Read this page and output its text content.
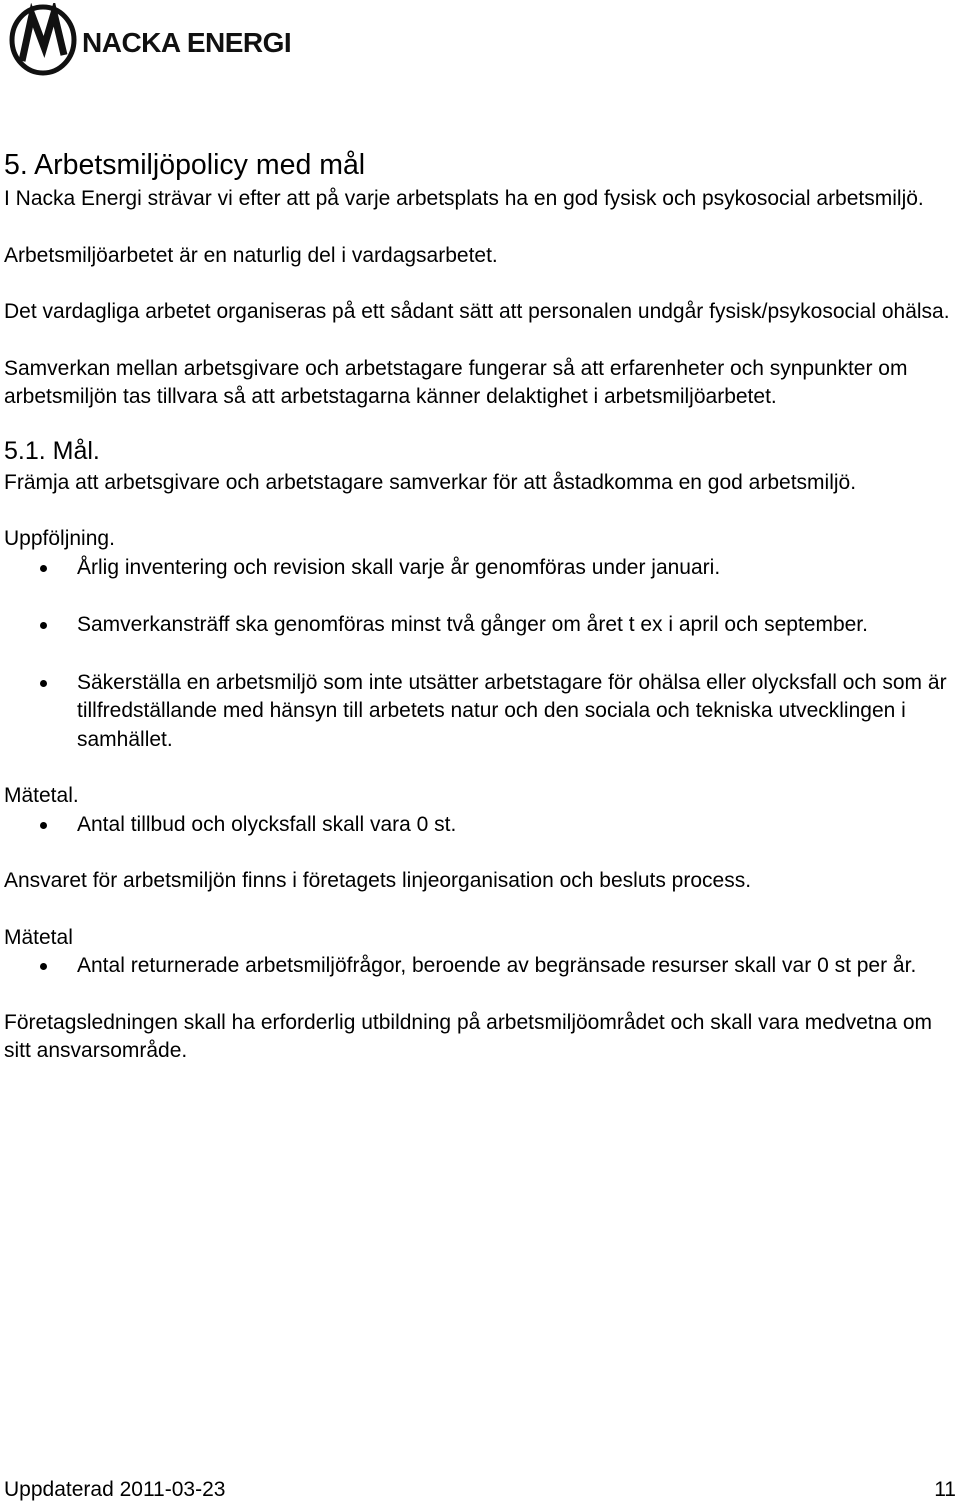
NACKA ENERGI
5. Arbetsmiljöpolicy med mål

I Nacka Energi strävar vi efter att på varje arbetsplats ha en god fysisk och psykosocial arbetsmiljö.

Arbetsmiljöarbetet är en naturlig del i vardagsarbetet.

Det vardagliga arbetet organiseras på ett sådant sätt att personalen undgår fysisk/psykosocial ohälsa.

Samverkan mellan arbetsgivare och arbetstagare fungerar så att erfarenheter och synpunkter om arbetsmiljön tas tillvara så att arbetstagarna känner delaktighet i arbetsmiljöarbetet.

5.1. Mål.

Främja att arbetsgivare och arbetstagare samverkar för att åstadkomma en god arbetsmiljö.

Uppföljning.

Årlig inventering och revision skall varje år genomföras under januari.
Samverkansträff ska genomföras minst två gånger om året t ex i april och september.
Säkerställa en arbetsmiljö som inte utsätter arbetstagare för ohälsa eller olycksfall och som är tillfredställande med hänsyn till arbetets natur och den sociala och tekniska utvecklingen i samhället.

Mätetal.

Antal tillbud och olycksfall skall vara 0 st.

Ansvaret för arbetsmiljön finns i företagets linjeorganisation och besluts process.

Mätetal

Antal returnerade arbetsmiljöfrågor, beroende av begränsade resurser skall var 0 st per år.

Företagsledningen skall ha erforderlig utbildning på arbetsmiljöområdet och skall vara medvetna om sitt ansvarsområde.

Uppdaterad 2011-03-23	11
